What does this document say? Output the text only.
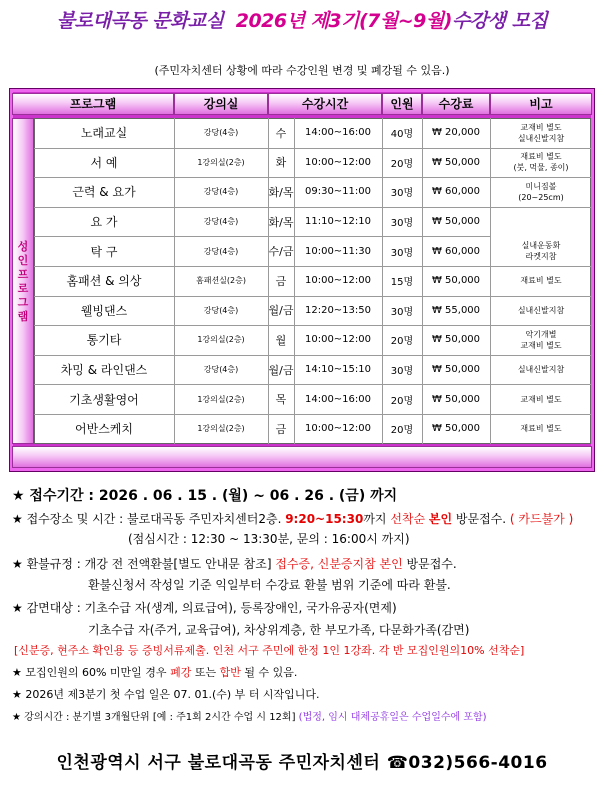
불로대곡동 문화교실 2026년 제3기(7월~9월)수강생 모집
(주민자치센터 상황에 따라 수강인원 변경 및 폐강될 수 있음.)
프로그램	강의실	수강시간	인원	수강료	비고
성
인
프
로
그
램
노래교실	강당(4층)	수	14:00~16:00	40명	₩ 20,000	교재비 별도
실내신발지참
서 예	1강의실(2층)	화	10:00~12:00	20명	₩ 50,000	재료비 별도
(붓, 먹물, 종이)
근력 & 요가	강당(4층)	화/목	09:30~11:00	30명	₩ 60,000	미니짐볼
(20~25cm)
요 가	강당(4층)	화/목	11:10~12:10	30명	₩ 50,000
탁 구	강당(4층)	수/금	10:00~11:30	30명	₩ 60,000	실내운동화
라켓지참
홈패션 & 의상	홈패션실(2층)	금	10:00~12:00	15명	₩ 50,000	재료비 별도
웰빙댄스	강당(4층)	월/금	12:20~13:50	30명	₩ 55,000	실내신발지참
통기타	1강의실(2층)	월	10:00~12:00	20명	₩ 50,000	악기개별
교재비 별도
차밍 & 라인댄스	강당(4층)	월/금	14:10~15:10	30명	₩ 50,000	실내신발지참
기초생활영어	1강의실(2층)	목	14:00~16:00	20명	₩ 50,000	교재비 별도
어반스케치	1강의실(2층)	금	10:00~12:00	20명	₩ 50,000	재료비 별도
★ 접수기간 : 2026 . 06 . 15 . (월) ~ 06 . 26 . (금) 까지
★ 접수장소 및 시간 : 불로대곡동 주민자치센터2층. 9:20~15:30까지 선착순 본인 방문접수. ( 카드불가 )
(점심시간 : 12:30 ~ 13:30분, 문의 : 16:00시 까지)
★ 환불규정 : 개강 전 전액환불[별도 안내문 참조] 접수증, 신분증지참 본인 방문접수.
환불신청서 작성일 기준 익일부터 수강료 환불 범위 기준에 따라 환불.
★ 감면대상 : 기초수급 자(생계, 의료급여), 등록장애인, 국가유공자(면제)
기초수급 자(주거, 교육급여), 차상위계층, 한 부모가족, 다문화가족(감면)
[신분증, 현주소 확인용 등 증빙서류제출. 인천 서구 주민에 한정 1인 1강좌. 각 반 모집인원의10% 선착순]
★ 모집인원의 60% 미만일 경우 폐강 또는 합반 될 수 있음.
★ 2026년 제3분기 첫 수업 일은 07. 01.(수) 부 터 시작입니다.
★ 강의시간 : 분기별 3개월단위 [예 : 주1회 2시간 수업 시 12회] (법정, 임시 대체공휴일은 수업일수에 포함)
인천광역시 서구 불로대곡동 주민자치센터 ☎032)566-4016
